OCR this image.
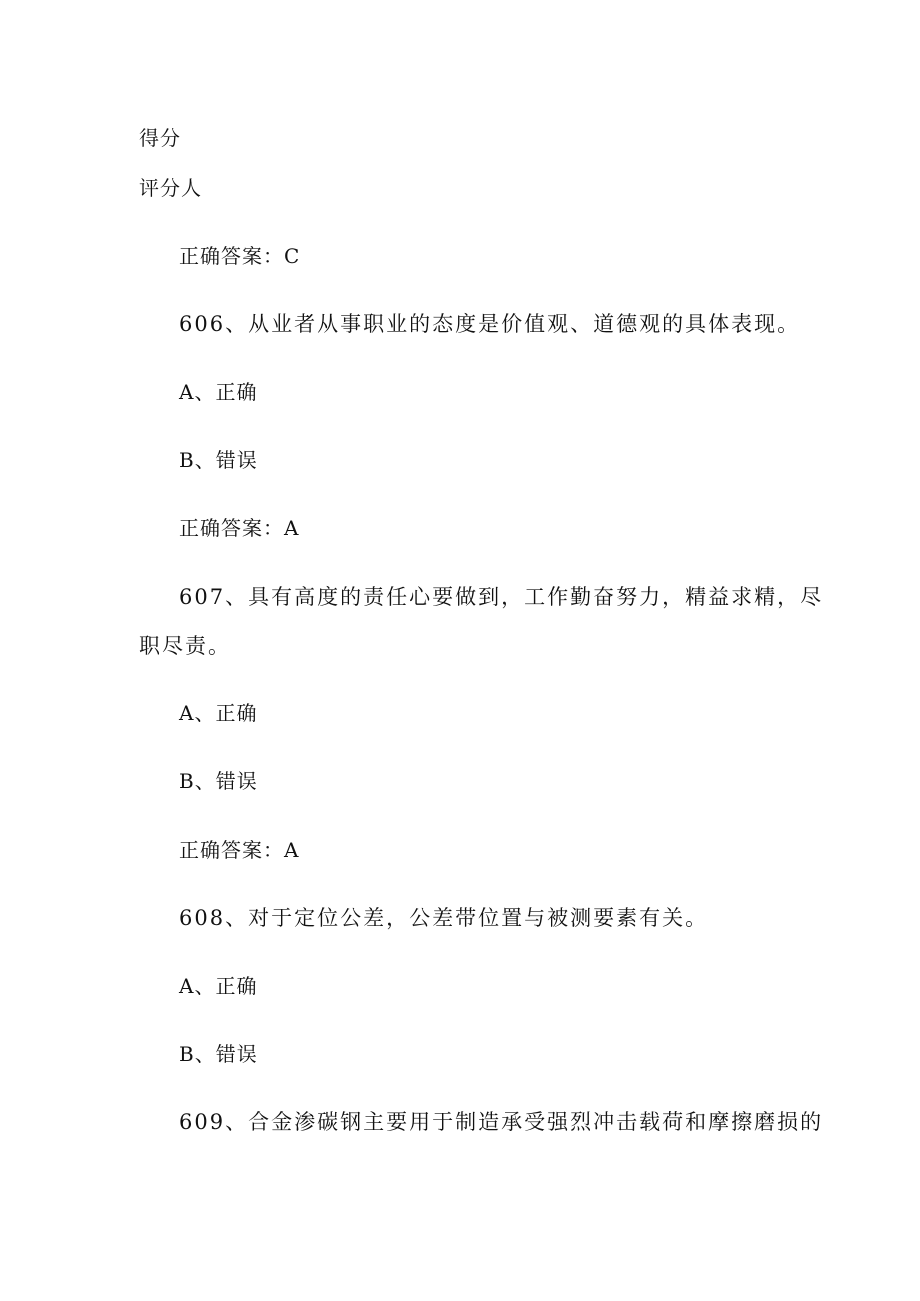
得分
评分人
正确答案：C
606、从业者从事职业的态度是价值观、道德观的具体表现。
A、正确
B、错误
正确答案：A
607、具有高度的责任心要做到，工作勤奋努力，精益求精，尽
职尽责。
A、正确
B、错误
正确答案：A
608、对于定位公差，公差带位置与被测要素有关。
A、正确
B、错误
609、合金渗碳钢主要用于制造承受强烈冲击载荷和摩擦磨损的
